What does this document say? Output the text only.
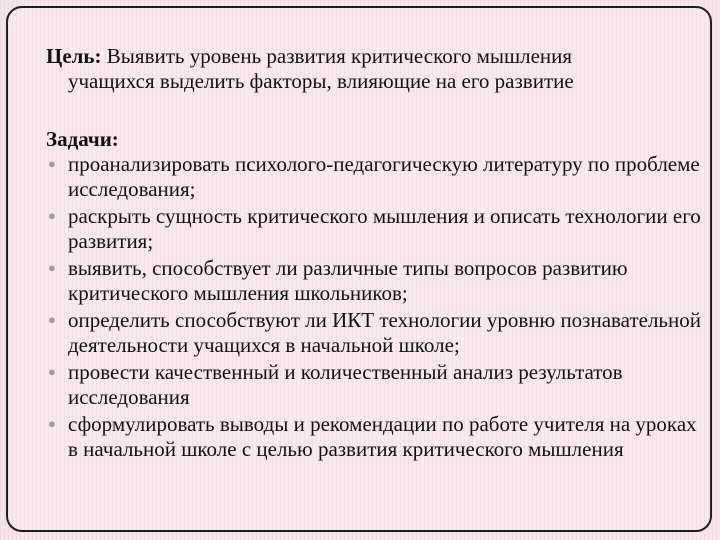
Цель: Выявить уровень развития критического мышления
учащихся выделить факторы, влияющие на его развитие

Задачи:

● проанализировать психолого-педагогическую литературу по проблеме исследования;
● раскрыть сущность критического мышления и описать технологии его развития;
● выявить, способствует ли различные типы вопросов развитию критического мышления школьников;
● определить способствуют ли ИКТ технологии уровню познавательной деятельности учащихся в начальной школе;
● провести качественный и количественный анализ результатов исследования
● сформулировать выводы и рекомендации по работе учителя на уроках в начальной школе с целью развития критического мышления
